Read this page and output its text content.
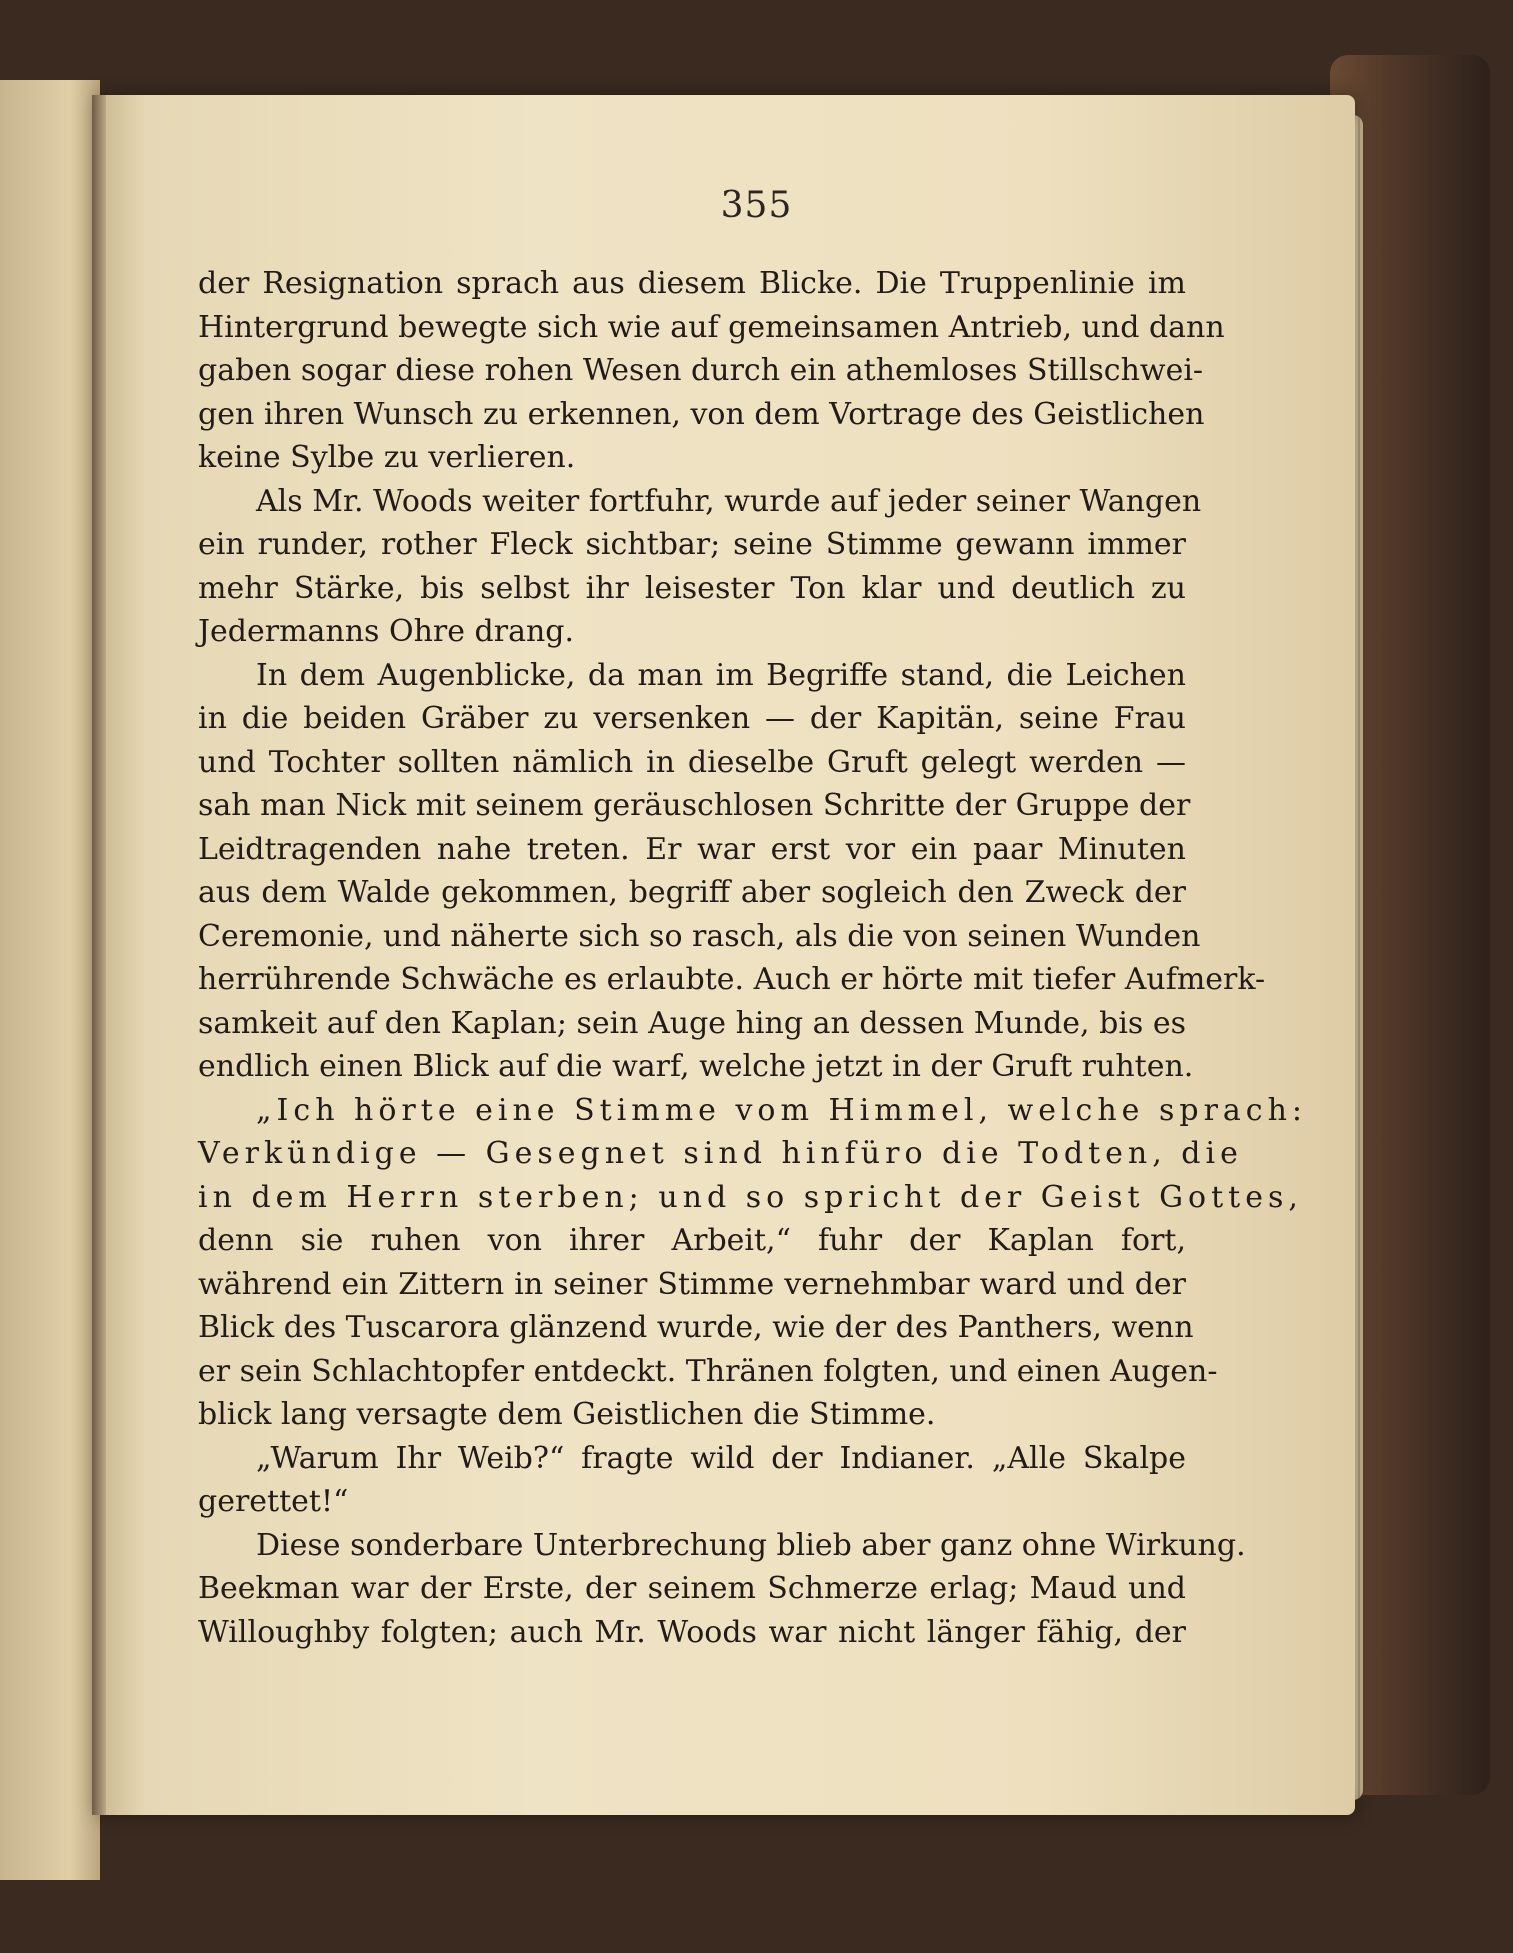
355
der Resignation sprach aus diesem Blicke. Die Truppenlinie im
Hintergrund bewegte sich wie auf gemeinsamen Antrieb, und dann
gaben sogar diese rohen Wesen durch ein athemloses Stillschwei-
gen ihren Wunsch zu erkennen, von dem Vortrage des Geistlichen
keine Sylbe zu verlieren.
Als Mr. Woods weiter fortfuhr, wurde auf jeder seiner Wangen
ein runder, rother Fleck sichtbar; seine Stimme gewann immer
mehr Stärke, bis selbst ihr leisester Ton klar und deutlich zu
Jedermanns Ohre drang.
In dem Augenblicke, da man im Begriffe stand, die Leichen
in die beiden Gräber zu versenken — der Kapitän, seine Frau
und Tochter sollten nämlich in dieselbe Gruft gelegt werden —
sah man Nick mit seinem geräuschlosen Schritte der Gruppe der
Leidtragenden nahe treten. Er war erst vor ein paar Minuten
aus dem Walde gekommen, begriff aber sogleich den Zweck der
Ceremonie, und näherte sich so rasch, als die von seinen Wunden
herrührende Schwäche es erlaubte. Auch er hörte mit tiefer Aufmerk-
samkeit auf den Kaplan; sein Auge hing an dessen Munde, bis es
endlich einen Blick auf die warf, welche jetzt in der Gruft ruhten.
„Ich hörte eine Stimme vom Himmel, welche sprach:
Verkündige — Gesegnet sind hinfüro die Todten, die
in dem Herrn sterben; und so spricht der Geist Gottes,
denn sie ruhen von ihrer Arbeit,“ fuhr der Kaplan fort,
während ein Zittern in seiner Stimme vernehmbar ward und der
Blick des Tuscarora glänzend wurde, wie der des Panthers, wenn
er sein Schlachtopfer entdeckt. Thränen folgten, und einen Augen-
blick lang versagte dem Geistlichen die Stimme.
„Warum Ihr Weib?“ fragte wild der Indianer. „Alle Skalpe
gerettet!“
Diese sonderbare Unterbrechung blieb aber ganz ohne Wirkung.
Beekman war der Erste, der seinem Schmerze erlag; Maud und
Willoughby folgten; auch Mr. Woods war nicht länger fähig, der
